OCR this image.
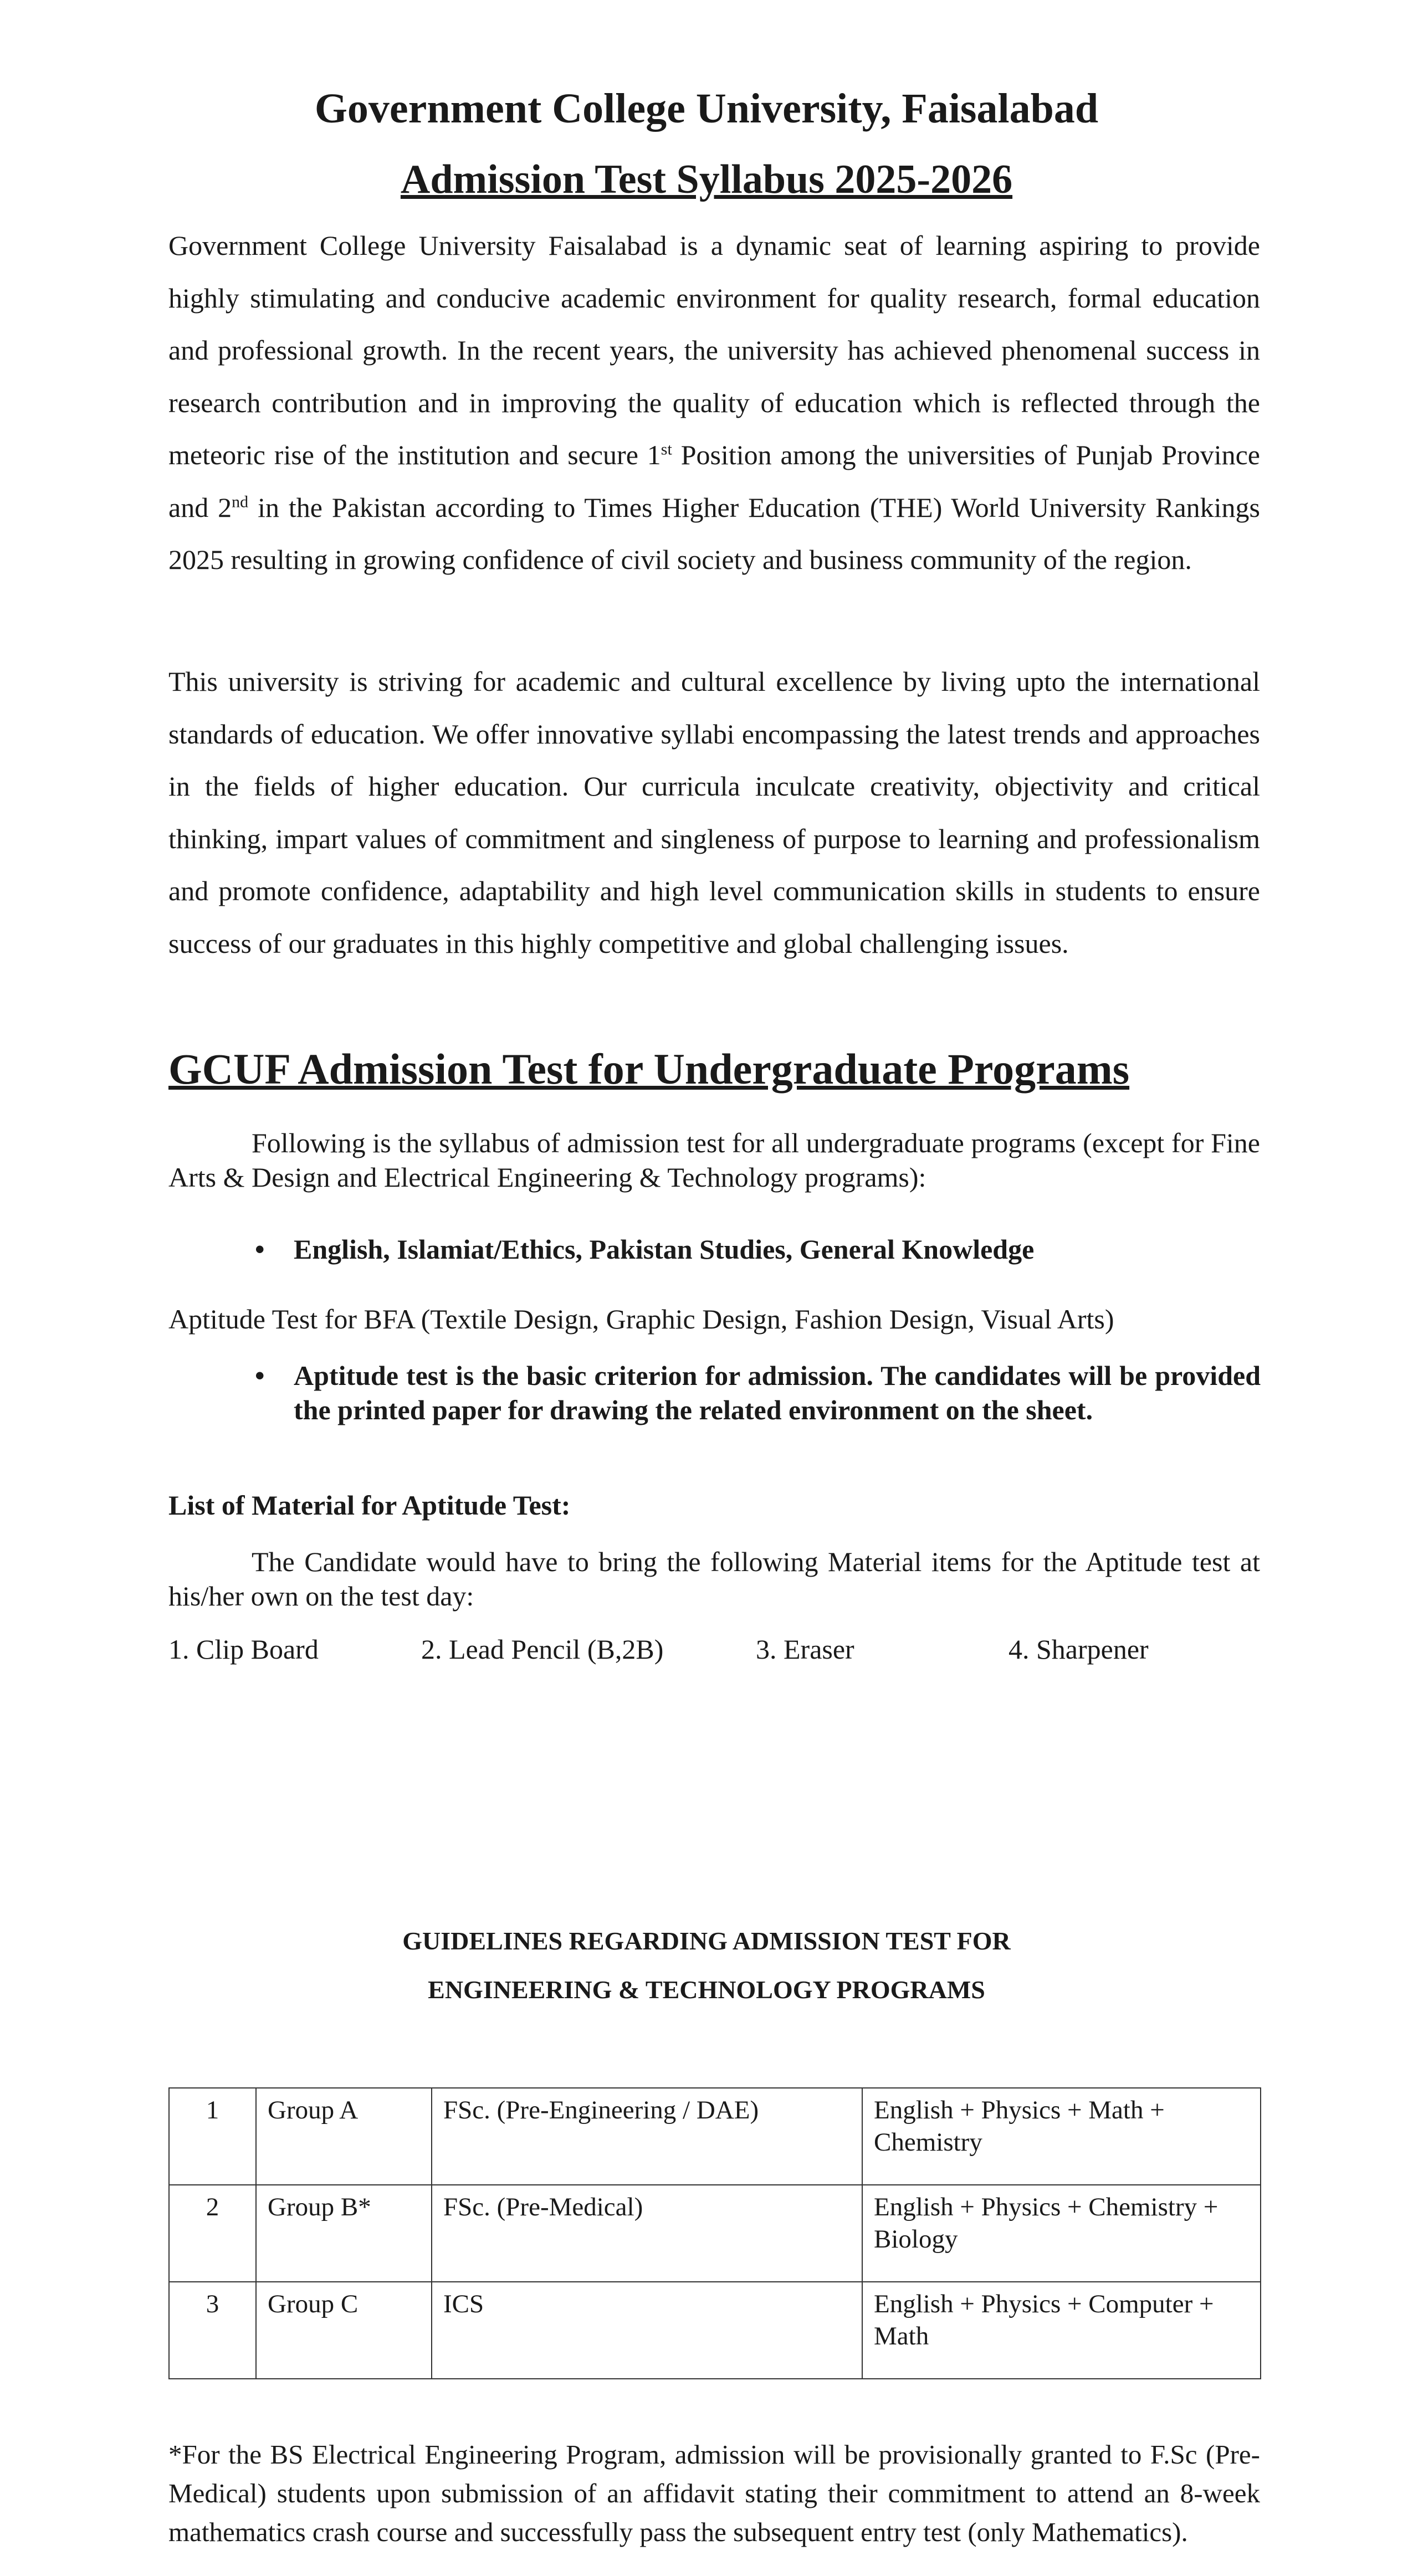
Government College University, Faisalabad
Admission Test Syllabus 2025-2026
Government College University Faisalabad is a dynamic seat of learning aspiring to provide highly stimulating and conducive academic environment for quality research, formal education and professional growth. In the recent years, the university has achieved phenomenal success in research contribution and in improving the quality of education which is reflected through the meteoric rise of the institution and secure 1st Position among the universities of Punjab Province and 2nd in the Pakistan according to Times Higher Education (THE) World University Rankings 2025 resulting in growing confidence of civil society and business community of the region.
This university is striving for academic and cultural excellence by living upto the international standards of education. We offer innovative syllabi encompassing the latest trends and approaches in the fields of higher education. Our curricula inculcate creativity, objectivity and critical thinking, impart values of commitment and singleness of purpose to learning and professionalism and promote confidence, adaptability and high level communication skills in students to ensure success of our graduates in this highly competitive and global challenging issues.
GCUF Admission Test for Undergraduate Programs
Following is the syllabus of admission test for all undergraduate programs (except for Fine Arts & Design and Electrical Engineering & Technology programs):
• English, Islamiat/Ethics, Pakistan Studies, General Knowledge
Aptitude Test for BFA (Textile Design, Graphic Design, Fashion Design, Visual Arts)
• Aptitude test is the basic criterion for admission. The candidates will be provided the printed paper for drawing the related environment on the sheet.
List of Material for Aptitude Test:
The Candidate would have to bring the following Material items for the Aptitude test at his/her own on the test day:
1. Clip Board	2. Lead Pencil (B,2B)	3. Eraser	4. Sharpener
GUIDELINES REGARDING ADMISSION TEST FOR
ENGINEERING & TECHNOLOGY PROGRAMS
1	Group A	FSc. (Pre-Engineering / DAE)	English + Physics + Math + Chemistry
2	Group B*	FSc. (Pre-Medical)	English + Physics + Chemistry + Biology
3	Group C	ICS	English + Physics + Computer + Math
*For the BS Electrical Engineering Program, admission will be provisionally granted to F.Sc (Pre-Medical) students upon submission of an affidavit stating their commitment to attend an 8-week mathematics crash course and successfully pass the subsequent entry test (only Mathematics).
